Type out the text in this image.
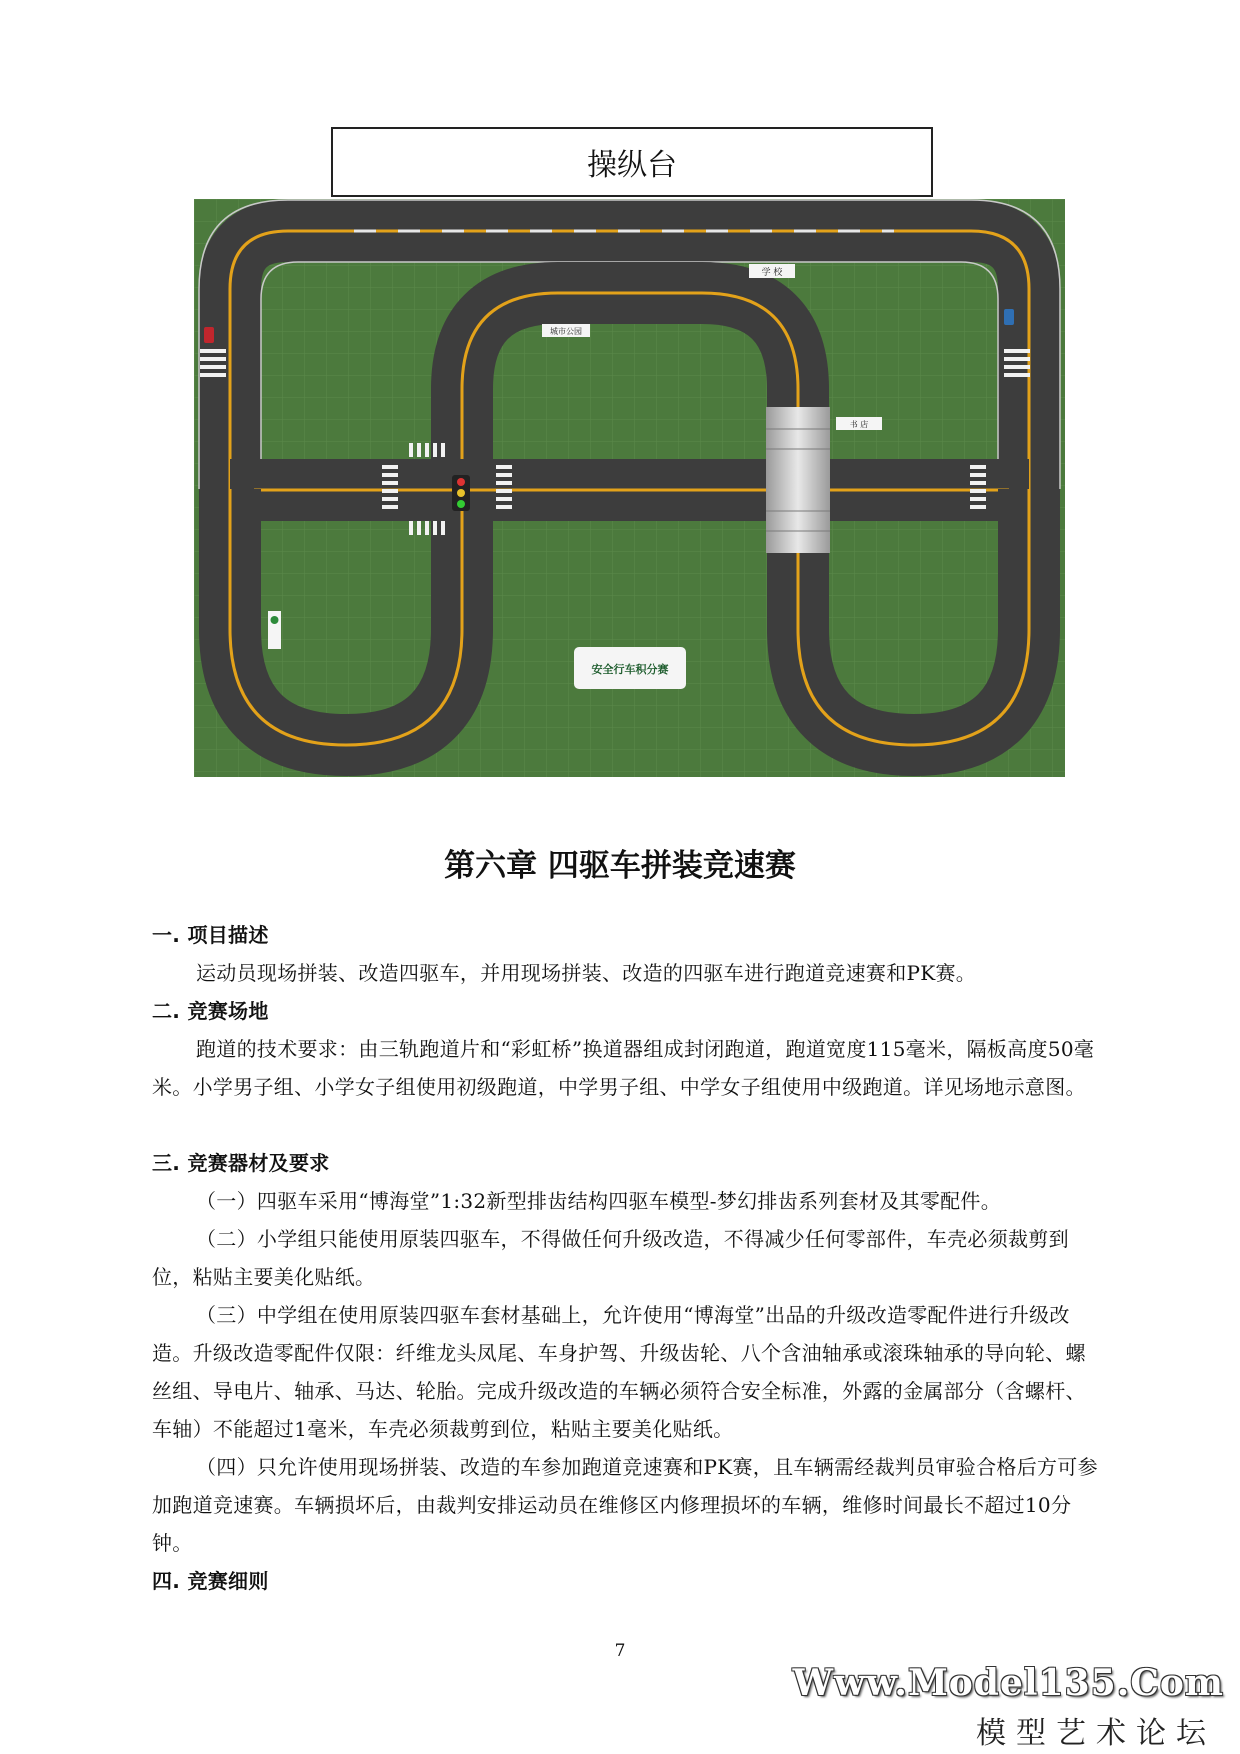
操纵台
学 校
城市公园
书 店
安全行车积分赛
第六章 四驱车拼装竞速赛
一. 项目描述

运动员现场拼装、改造四驱车，并用现场拼装、改造的四驱车进行跑道竞速赛和PK赛。

二. 竞赛场地

跑道的技术要求：由三轨跑道片和“彩虹桥”换道器组成封闭跑道，跑道宽度115毫米，隔板高度50毫米。小学男子组、小学女子组使用初级跑道，中学男子组、中学女子组使用中级跑道。详见场地示意图。

三. 竞赛器材及要求

（一）四驱车采用“博海堂”1:32新型排齿结构四驱车模型-梦幻排齿系列套材及其零配件。

（二）小学组只能使用原装四驱车，不得做任何升级改造，不得减少任何零部件，车壳必须裁剪到位，粘贴主要美化贴纸。

（三）中学组在使用原装四驱车套材基础上，允许使用“博海堂”出品的升级改造零配件进行升级改造。升级改造零配件仅限：纤维龙头凤尾、车身护驾、升级齿轮、八个含油轴承或滚珠轴承的导向轮、螺丝组、导电片、轴承、马达、轮胎。完成升级改造的车辆必须符合安全标准，外露的金属部分（含螺杆、车轴）不能超过1毫米，车壳必须裁剪到位，粘贴主要美化贴纸。

（四）只允许使用现场拼装、改造的车参加跑道竞速赛和PK赛，且车辆需经裁判员审验合格后方可参加跑道竞速赛。车辆损坏后，由裁判安排运动员在维修区内修理损坏的车辆，维修时间最长不超过10分钟。

四. 竞赛细则
7
Www.Model135.Com
模型艺术论坛
